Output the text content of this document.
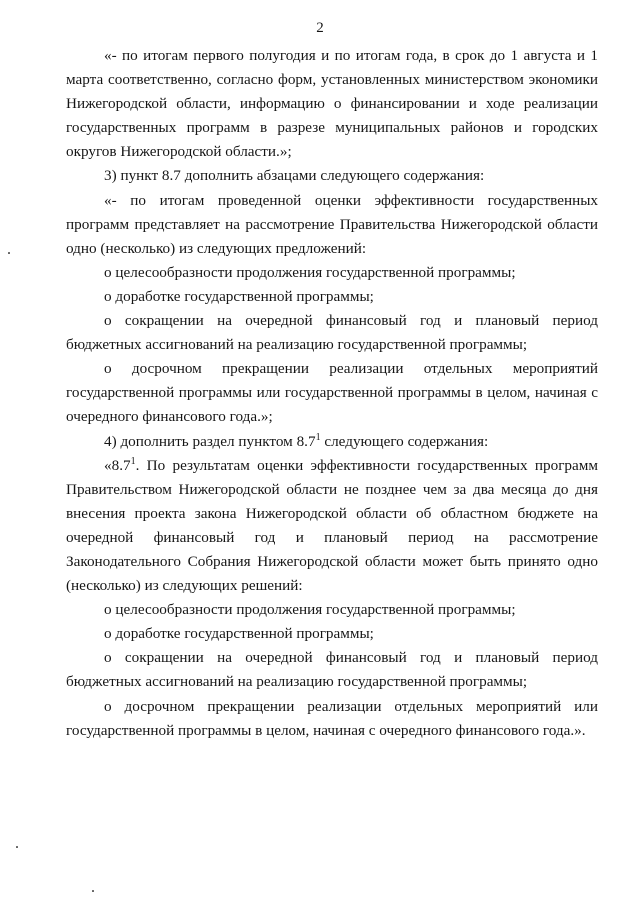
2

«- по итогам первого полугодия и по итогам года, в срок до 1 августа и 1 марта соответственно, согласно форм, установленных министерством экономики Нижегородской области, информацию о финансировании и ходе реализации государственных программ в разрезе муниципальных районов и городских округов Нижегородской области.»;

3) пункт 8.7 дополнить абзацами следующего содержания:

«- по итогам проведенной оценки эффективности государственных программ представляет на рассмотрение Правительства Нижегородской области одно (несколько) из следующих предложений:

о целесообразности продолжения государственной программы;

о доработке государственной программы;

о сокращении на очередной финансовый год и плановый период бюджетных ассигнований на реализацию государственной программы;

о досрочном прекращении реализации отдельных мероприятий государственной программы или государственной программы в целом, начиная с очередного финансового года.»;

4) дополнить раздел пунктом $8.7^1$ следующего содержания:

«$8.7^1$. По результатам оценки эффективности государственных программ Правительством Нижегородской области не позднее чем за два месяца до дня внесения проекта закона Нижегородской области об областном бюджете на очередной финансовый год и плановый период на рассмотрение Законодательного Собрания Нижегородской области может быть принято одно (несколько) из следующих решений:

о целесообразности продолжения государственной программы;

о доработке государственной программы;

о сокращении на очередной финансовый год и плановый период бюджетных ассигнований на реализацию государственной программы;

о досрочном прекращении реализации отдельных мероприятий или государственной программы в целом, начиная с очередного финансового года.».
